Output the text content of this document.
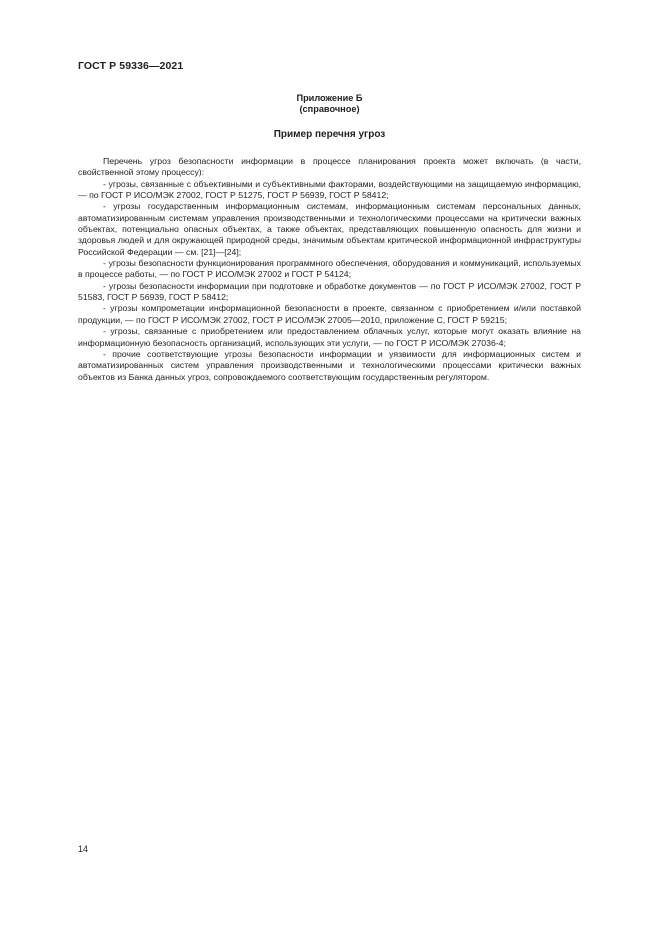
ГОСТ Р 59336—2021
Приложение Б
(справочное)
Пример перечня угроз

Перечень угроз безопасности информации в процессе планирования проекта может включать (в части, свойственной этому процессу):

- угрозы, связанные с объективными и субъективными факторами, воздействующими на защищаемую информацию, — по ГОСТ Р ИСО/МЭК 27002, ГОСТ Р 51275, ГОСТ Р 56939, ГОСТ Р 58412;

- угрозы государственным информационным системам, информационным системам персональных данных, автоматизированным системам управления производственными и технологическими процессами на критически важных объектах, потенциально опасных объектах, а также объектах, представляющих повышенную опасность для жизни и здоровья людей и для окружающей природной среды, значимым объектам критической информационной инфраструктуры Российской Федерации — см. [21]—[24];

- угрозы безопасности функционирования программного обеспечения, оборудования и коммуникаций, используемых в процессе работы, — по ГОСТ Р ИСО/МЭК 27002 и ГОСТ Р 54124;

- угрозы безопасности информации при подготовке и обработке документов — по ГОСТ Р ИСО/МЭК 27002, ГОСТ Р 51583, ГОСТ Р 56939, ГОСТ Р 58412;

- угрозы компрометации информационной безопасности в проекте, связанном с приобретением и/или поставкой продукции, — по ГОСТ Р ИСО/МЭК 27002, ГОСТ Р ИСО/МЭК 27005—2010, приложение С, ГОСТ Р 59215;

- угрозы, связанные с приобретением или предоставлением облачных услуг, которые могут оказать влияние на информационную безопасность организаций, использующих эти услуги, — по ГОСТ Р ИСО/МЭК 27036-4;

- прочие соответствующие угрозы безопасности информации и уязвимости для информационных систем и автоматизированных систем управления производственными и технологическими процессами критически важных объектов из Банка данных угроз, сопровождаемого соответствующим государственным регулятором.

14
